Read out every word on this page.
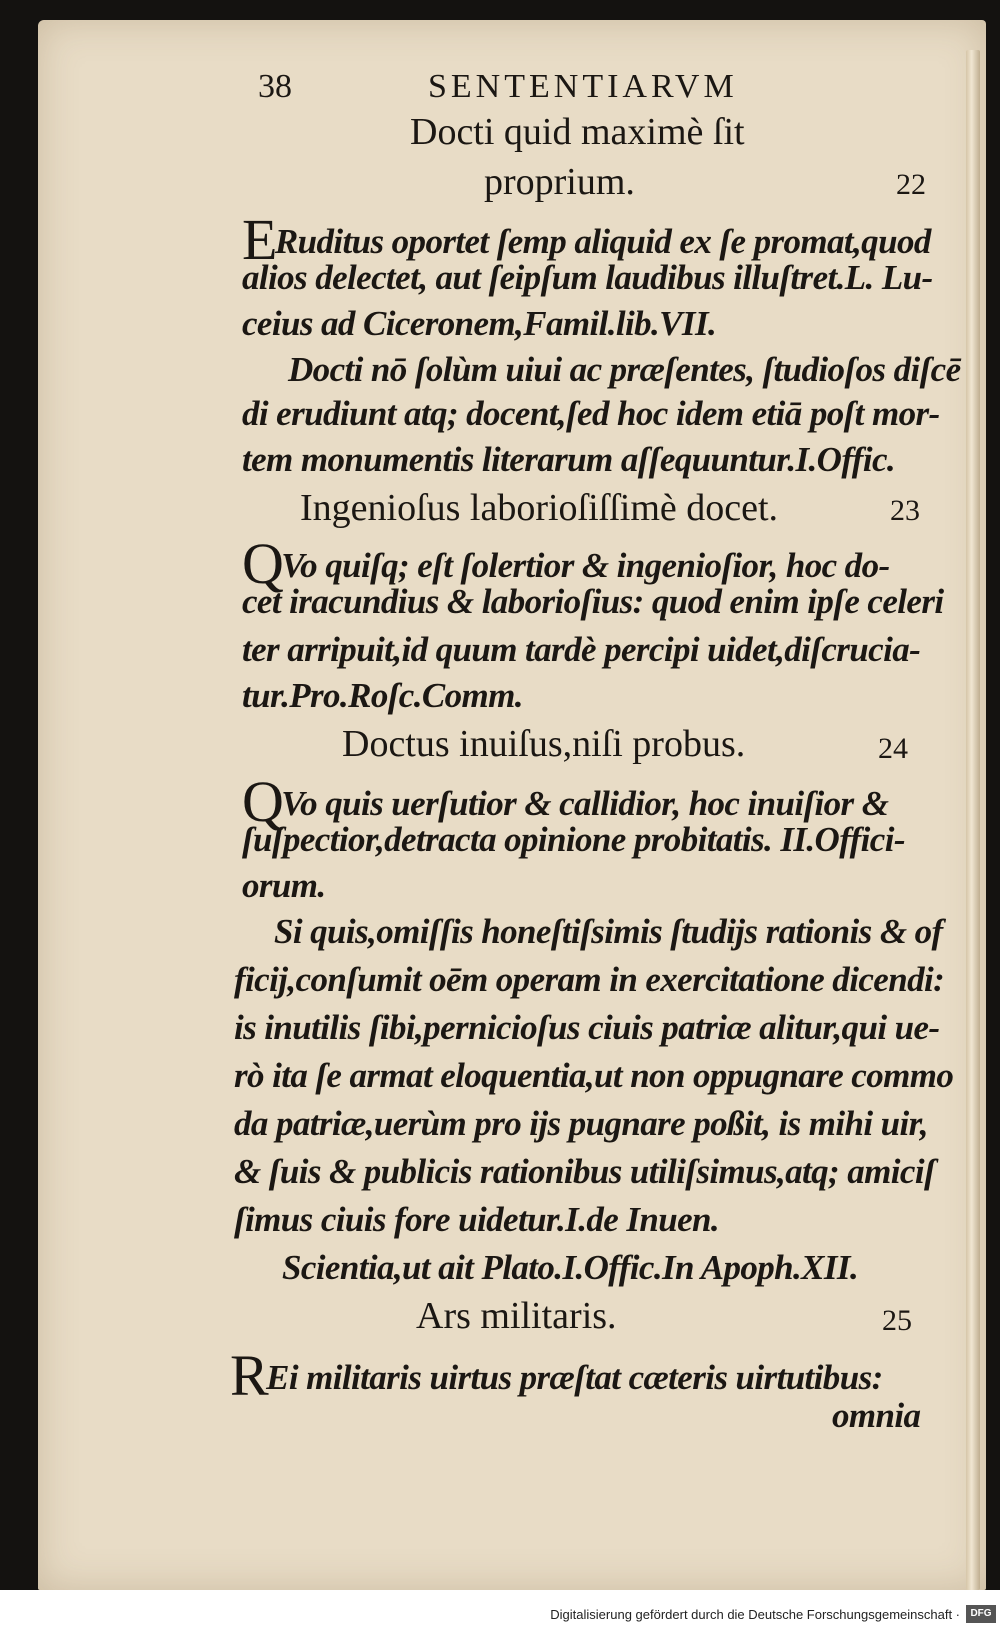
38	SENTENTIARVM
Docti quid maximè ſit
proprium.	22
ERuditus oportet ſemp aliquid ex ſe promat,quod
alios delectet, aut ſeipſum laudibus illuſtret.L. Lu-
ceius ad Ciceronem,Famil.lib.VII.
Docti nō ſolùm uiui ac præſentes, ſtudioſos diſcē
di erudiunt atq; docent,ſed hoc idem etiā poſt mor-
tem monumentis literarum aſſequuntur.I.Offic.
Ingenioſus laborioſiſſimè docet.	23
QVo quiſq; eſt ſolertior & ingenioſior, hoc do-
cet iracundius & laborioſius: quod enim ipſe celeri
ter arripuit,id quum tardè percipi uidet,diſcrucia-
tur.Pro.Roſc.Comm.
Doctus inuiſus,niſi probus.	24
QVo quis uerſutior & callidior, hoc inuiſior &
ſuſpectior,detracta opinione probitatis. II.Offici-
orum.
Si quis,omiſſis honeſtiſsimis ſtudijs rationis & of
ficij,conſumit oēm operam in exercitatione dicendi:
is inutilis ſibi,pernicioſus ciuis patriæ alitur,qui ue-
rò ita ſe armat eloquentia,ut non oppugnare commo
da patriæ,uerùm pro ijs pugnare poßit, is mihi uir,
& ſuis & publicis rationibus utiliſsimus,atq; amiciſ
ſimus ciuis fore uidetur.I.de Inuen.
Scientia,ut ait Plato.I.Offic.In Apoph.XII.
Ars militaris.	25
REi militaris uirtus præſtat cæteris uirtutibus:
omnia
Digitalisierung gefördert durch die Deutsche Forschungsgemeinschaft ·	DFG
